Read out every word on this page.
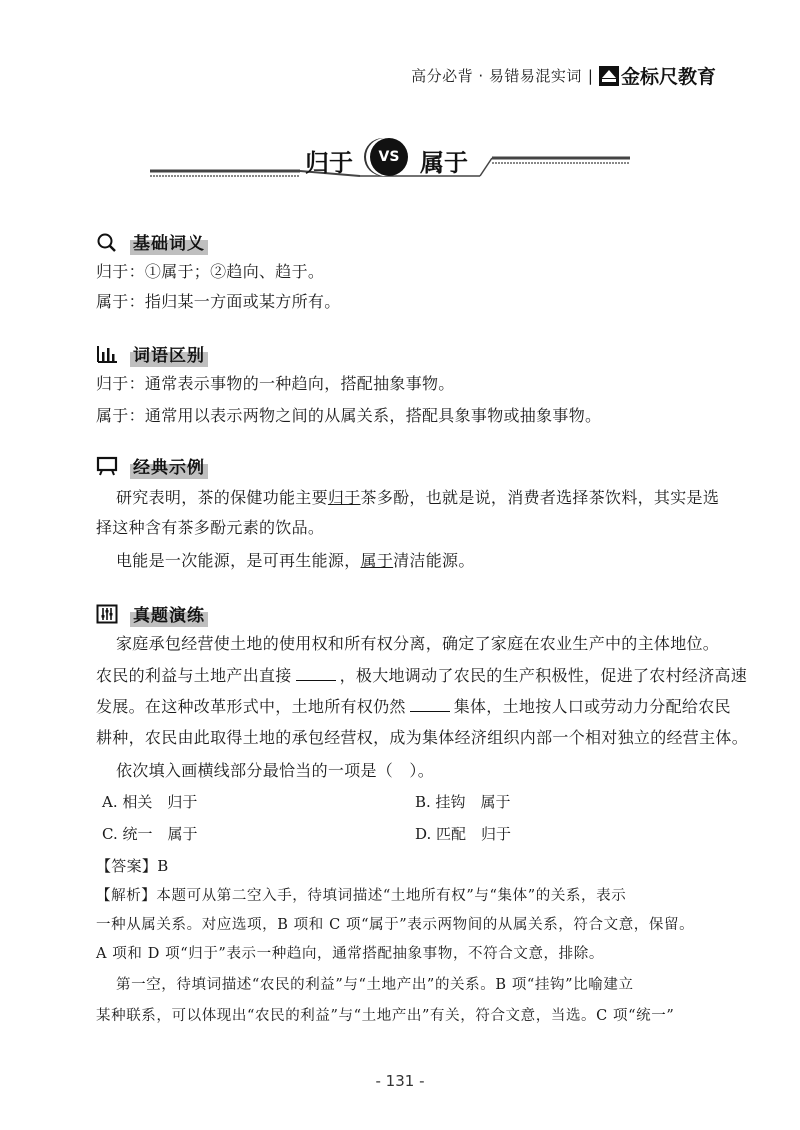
高分必背 · 易错易混实词 | 金标尺教育
归于	VS 属于
基础词义
归于：①属于；②趋向、趋于。
属于：指归某一方面或某方所有。
词语区别
归于：通常表示事物的一种趋向，搭配抽象事物。
属于：通常用以表示两物之间的从属关系，搭配具象事物或抽象事物。
经典示例
研究表明，茶的保健功能主要归于茶多酚，也就是说，消费者选择茶饮料，其实是选
择这种含有茶多酚元素的饮品。
电能是一次能源，是可再生能源，属于清洁能源。
真题演练
家庭承包经营使土地的使用权和所有权分离，确定了家庭在农业生产中的主体地位。
农民的利益与土地产出直接	，极大地调动了农民的生产积极性，促进了农村经济高速
发展。在这种改革形式中，土地所有权仍然	集体，土地按人口或劳动力分配给农民
耕种，农民由此取得土地的承包经营权，成为集体经济组织内部一个相对独立的经营主体。
依次填入画横线部分最恰当的一项是（　）。
A. 相关　归于	B. 挂钩　属于
C. 统一　属于	D. 匹配　归于
【答案】B
【解析】本题可从第二空入手，待填词描述“土地所有权”与“集体”的关系，表示
一种从属关系。对应选项，B 项和 C 项“属于”表示两物间的从属关系，符合文意，保留。
A 项和 D 项“归于”表示一种趋向，通常搭配抽象事物，不符合文意，排除。
第一空，待填词描述“农民的利益”与“土地产出”的关系。B 项“挂钩”比喻建立
某种联系，可以体现出“农民的利益”与“土地产出”有关，符合文意，当选。C 项“统一”
- 131 -
